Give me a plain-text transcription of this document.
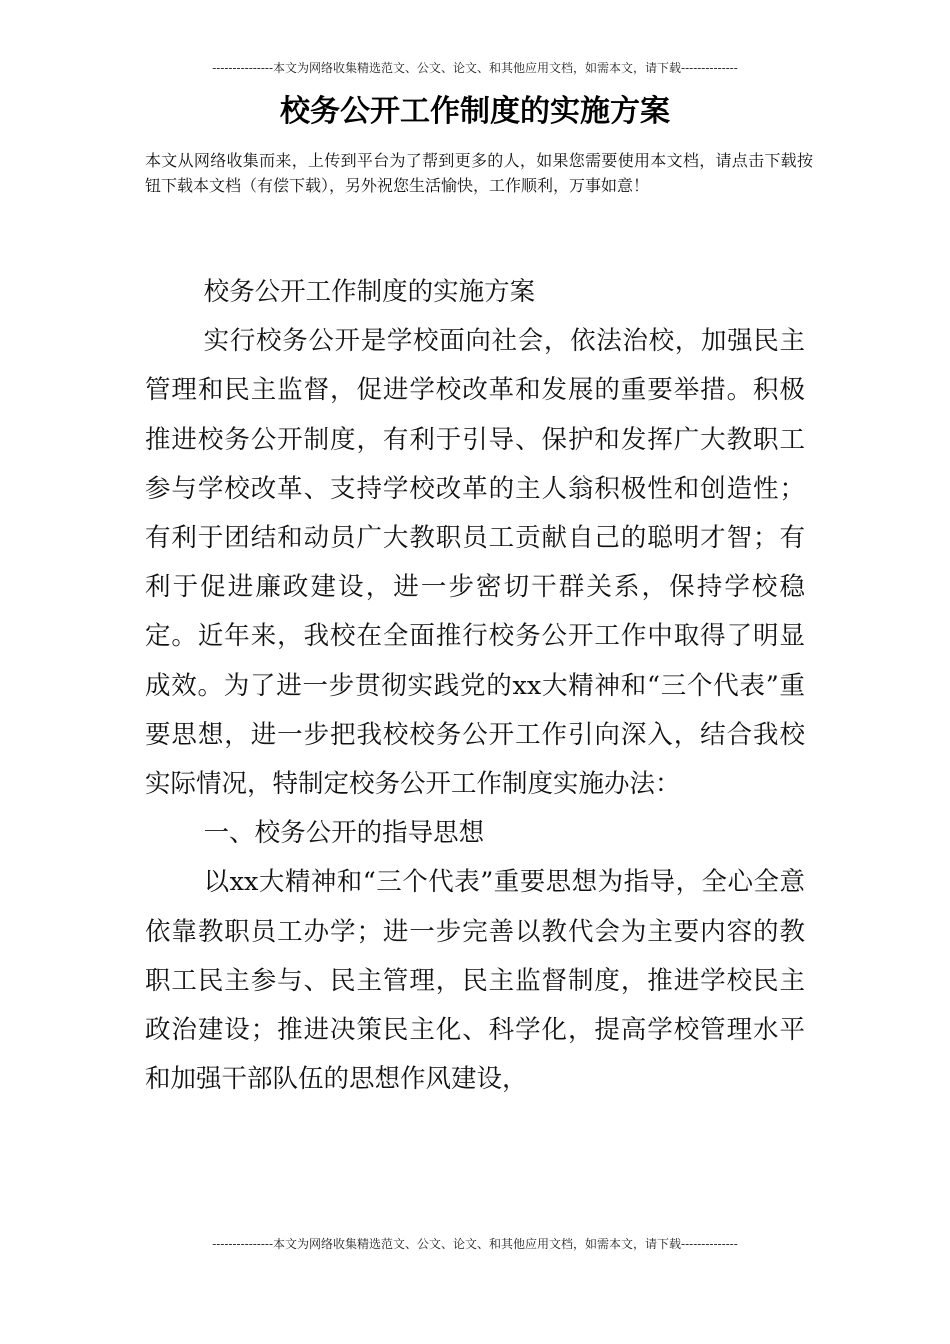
---------------本文为网络收集精选范文、公文、论文、和其他应用文档，如需本文，请下载--------------
校务公开工作制度的实施方案

本文从网络收集而来，上传到平台为了帮到更多的人，如果您需要使用本文档，请点击下载按钮下载本文档（有偿下载），另外祝您生活愉快，工作顺利，万事如意！

校务公开工作制度的实施方案

实行校务公开是学校面向社会，依法治校，加强民主管理和民主监督，促进学校改革和发展的重要举措。积极推进校务公开制度，有利于引导、保护和发挥广大教职工参与学校改革、支持学校改革的主人翁积极性和创造性；有利于团结和动员广大教职员工贡献自己的聪明才智；有利于促进廉政建设，进一步密切干群关系，保持学校稳定。近年来，我校在全面推行校务公开工作中取得了明显成效。为了进一步贯彻实践党的xx大精神和“三个代表”重要思想，进一步把我校校务公开工作引向深入，结合我校实际情况，特制定校务公开工作制度实施办法：

一、校务公开的指导思想

以xx大精神和“三个代表”重要思想为指导，全心全意依靠教职员工办学；进一步完善以教代会为主要内容的教职工民主参与、民主管理，民主监督制度，推进学校民主政治建设；推进决策民主化、科学化，提高学校管理水平和加强干部队伍的思想作风建设，

---------------本文为网络收集精选范文、公文、论文、和其他应用文档，如需本文，请下载--------------
